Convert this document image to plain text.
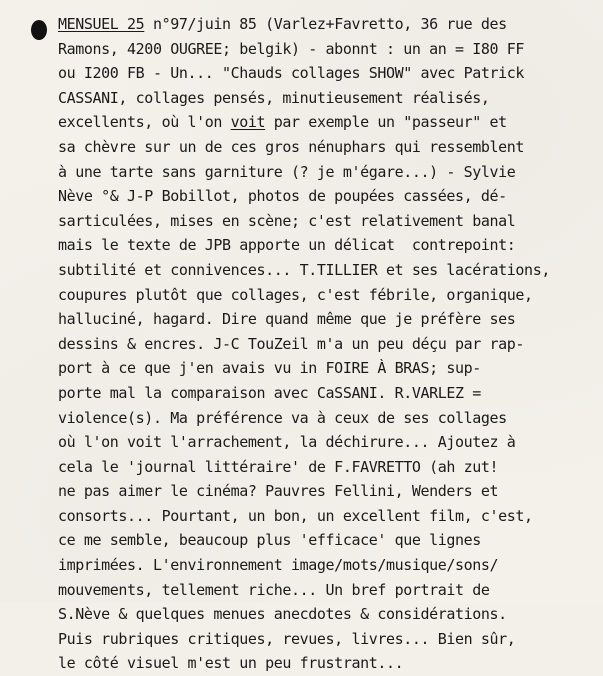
MENSUEL 25 n°97/juin 85 (Varlez+Favretto, 36 rue des
Ramons, 4200 OUGREE; belgik) - abonnt : un an = I80 FF
ou I200 FB - Un... "Chauds collages SHOW" avec Patrick
CASSANI, collages pensés, minutieusement réalisés,
excellents, où l'on voit par exemple un "passeur" et
sa chèvre sur un de ces gros nénuphars qui ressemblent
à une tarte sans garniture (? je m'égare...) - Sylvie
Nève °& J-P Bobillot, photos de poupées cassées, dé-
sarticulées, mises en scène; c'est relativement banal
mais le texte de JPB apporte un délicat  contrepoint:
subtilité et connivences... T.TILLIER et ses lacérations,
coupures plutôt que collages, c'est fébrile, organique,
halluciné, hagard. Dire quand même que je préfère ses
dessins & encres. J-C TouZeil m'a un peu déçu par rap-
port à ce que j'en avais vu in FOIRE À BRAS; sup-
porte mal la comparaison avec CaSSANI. R.VARLEZ =
violence(s). Ma préférence va à ceux de ses collages
où l'on voit l'arrachement, la déchirure... Ajoutez à
cela le 'journal littéraire' de F.FAVRETTO (ah zut!
ne pas aimer le cinéma? Pauvres Fellini, Wenders et
consorts... Pourtant, un bon, un excellent film, c'est,
ce me semble, beaucoup plus 'efficace' que lignes
imprimées. L'environnement image/mots/musique/sons/
mouvements, tellement riche... Un bref portrait de
S.Nève & quelques menues anecdotes & considérations.
Puis rubriques critiques, revues, livres... Bien sûr,
le côté visuel m'est un peu frustrant...
